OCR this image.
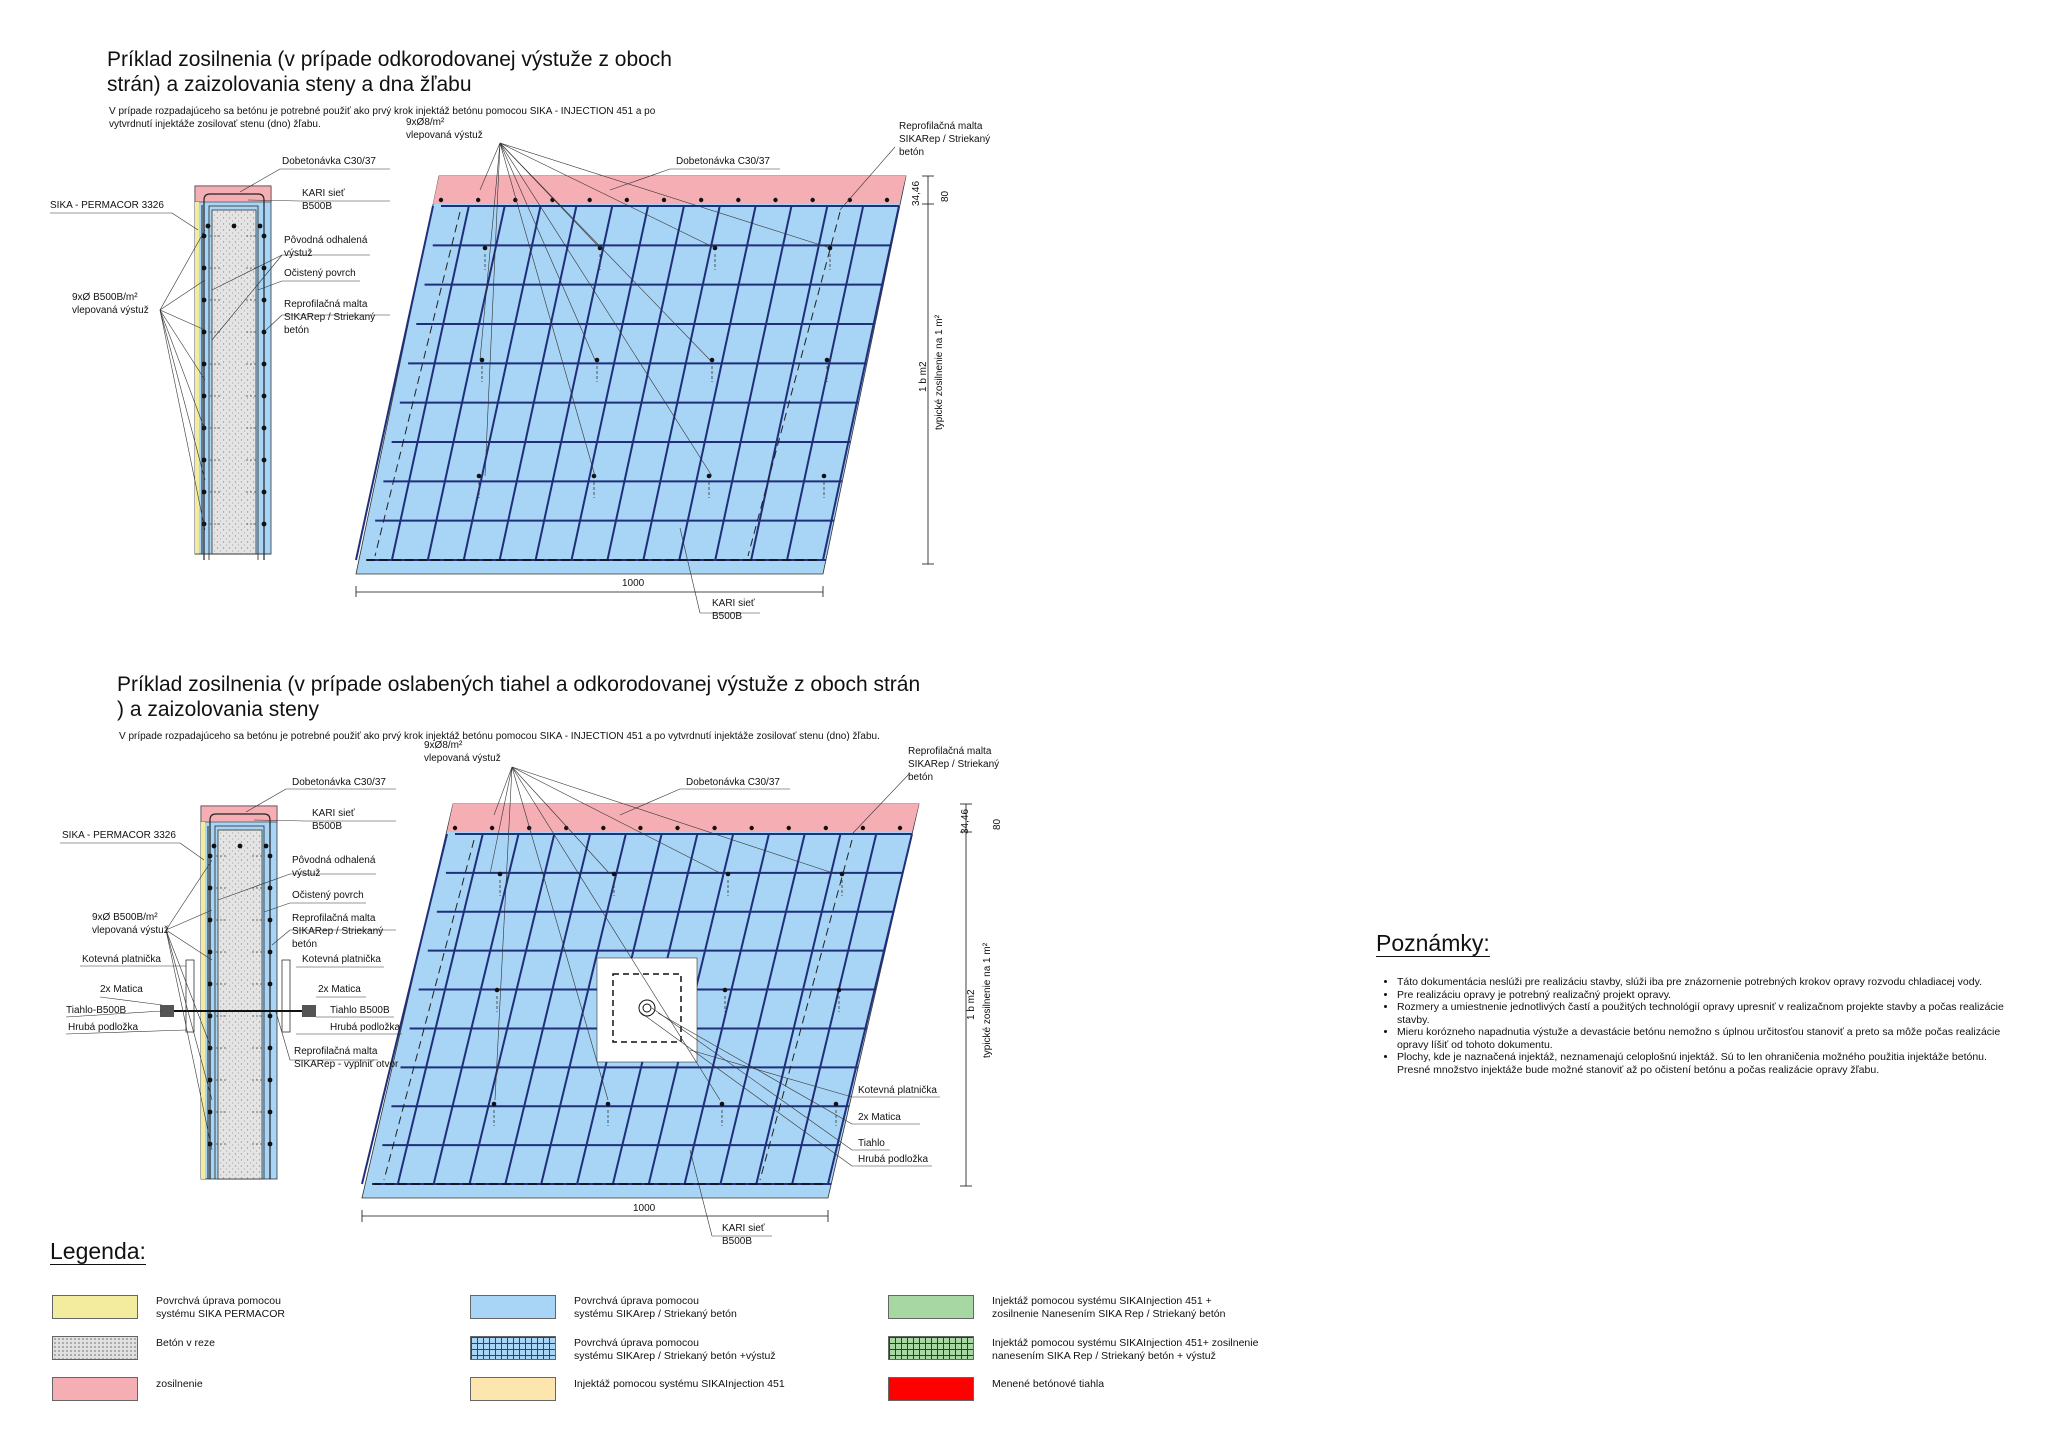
Príklad zosilnenia (v prípade odkorodovanej výstuže z oboch
strán) a zaizolovania steny a dna žľabu
V prípade rozpadajúceho sa betónu je potrebné použiť ako prvý krok injektáž betónu pomocou SIKA - INJECTION 451 a po
vytvrdnutí injektáže zosilovať stenu (dno) žľabu.
Dobetonávka C30/37
KARI sieť
B500B
SIKA - PERMACOR 3326
Pôvodná odhalená
výstuž
Očistený povrch
9xØ B500B/m²
vlepovaná výstuž
Reprofilačná malta
SIKARep / Striekaný
betón
9xØ8/m²
vlepovaná výstuž
Dobetonávka C30/37
Reprofilačná malta
SIKARep / Striekaný
betón
34,46 80
1000
1 b m2 typické zosilnenie na 1 m²
KARI sieť
B500B
Príklad zosilnenia (v prípade oslabených tiahel a odkorodovanej výstuže z oboch strán
) a zaizolovania steny
V prípade rozpadajúceho sa betónu je potrebné použiť ako prvý krok injektáž betónu pomocou SIKA - INJECTION 451 a po vytvrdnutí injektáže zosilovať stenu (dno) žľabu.
Dobetonávka C30/37
KARI sieť
B500B
SIKA - PERMACOR 3326
Pôvodná odhalená
výstuž
Očistený povrch
9xØ B500B/m²
vlepovaná výstuž
Reprofilačná malta
SIKARep / Striekaný
betón
Kotevná platnička
2x Matica
Tiahlo-B500B
Hrubá podložka
Kotevná platnička
2x Matica
Tiahlo B500B
Hrubá podložka
Reprofilačná malta
SIKARep - vyplniť otvor
9xØ8/m²
vlepovaná výstuž
Dobetonávka C30/37
Reprofilačná malta
SIKARep / Striekaný
betón
34,46 80
1000
1 b m2 typické zosilnenie na 1 m²
KARI sieť
B500B
Kotevná platnička
2x Matica
Tiahlo
Hrubá podložka
Poznámky:
• Táto dokumentácia neslúži pre realizáciu stavby, slúži iba pre znázornenie potrebných krokov opravy rozvodu chladiacej vody.
• Pre realizáciu opravy je potrebný realizačný projekt opravy.
• Rozmery a umiestnenie jednotlivých častí a použitých technológií opravy upresniť v realizačnom projekte stavby a počas realizácie stavby.
• Mieru korózneho napadnutia výstuže a devastácie betónu nemožno s úplnou určitosťou stanoviť a preto sa môže počas realizácie opravy líšiť od tohoto dokumentu.
• Plochy, kde je naznačená injektáž, neznamenajú celoplošnú injektáž. Sú to len ohraničenia možného použitia injektáže betónu. Presné množstvo injektáže bude možné stanoviť až po očistení betónu a počas realizácie opravy žľabu.
Legenda:
Povrchvá úprava pomocou
systému SIKA PERMACOR
Betón v reze
zosilnenie
Povrchvá úprava pomocou
systému SIKArep / Striekaný betón
Povrchvá úprava pomocou
systému SIKArep / Striekaný betón +výstuž
Injektáž pomocou systému SIKAInjection 451
Injektáž pomocou systému SIKAInjection 451 +
zosilnenie Nanesením SIKA Rep / Striekaný betón
Injektáž pomocou systému SIKAInjection 451+ zosilnenie
nanesením SIKA Rep / Striekaný betón + výstuž
Menené betónové tiahla
